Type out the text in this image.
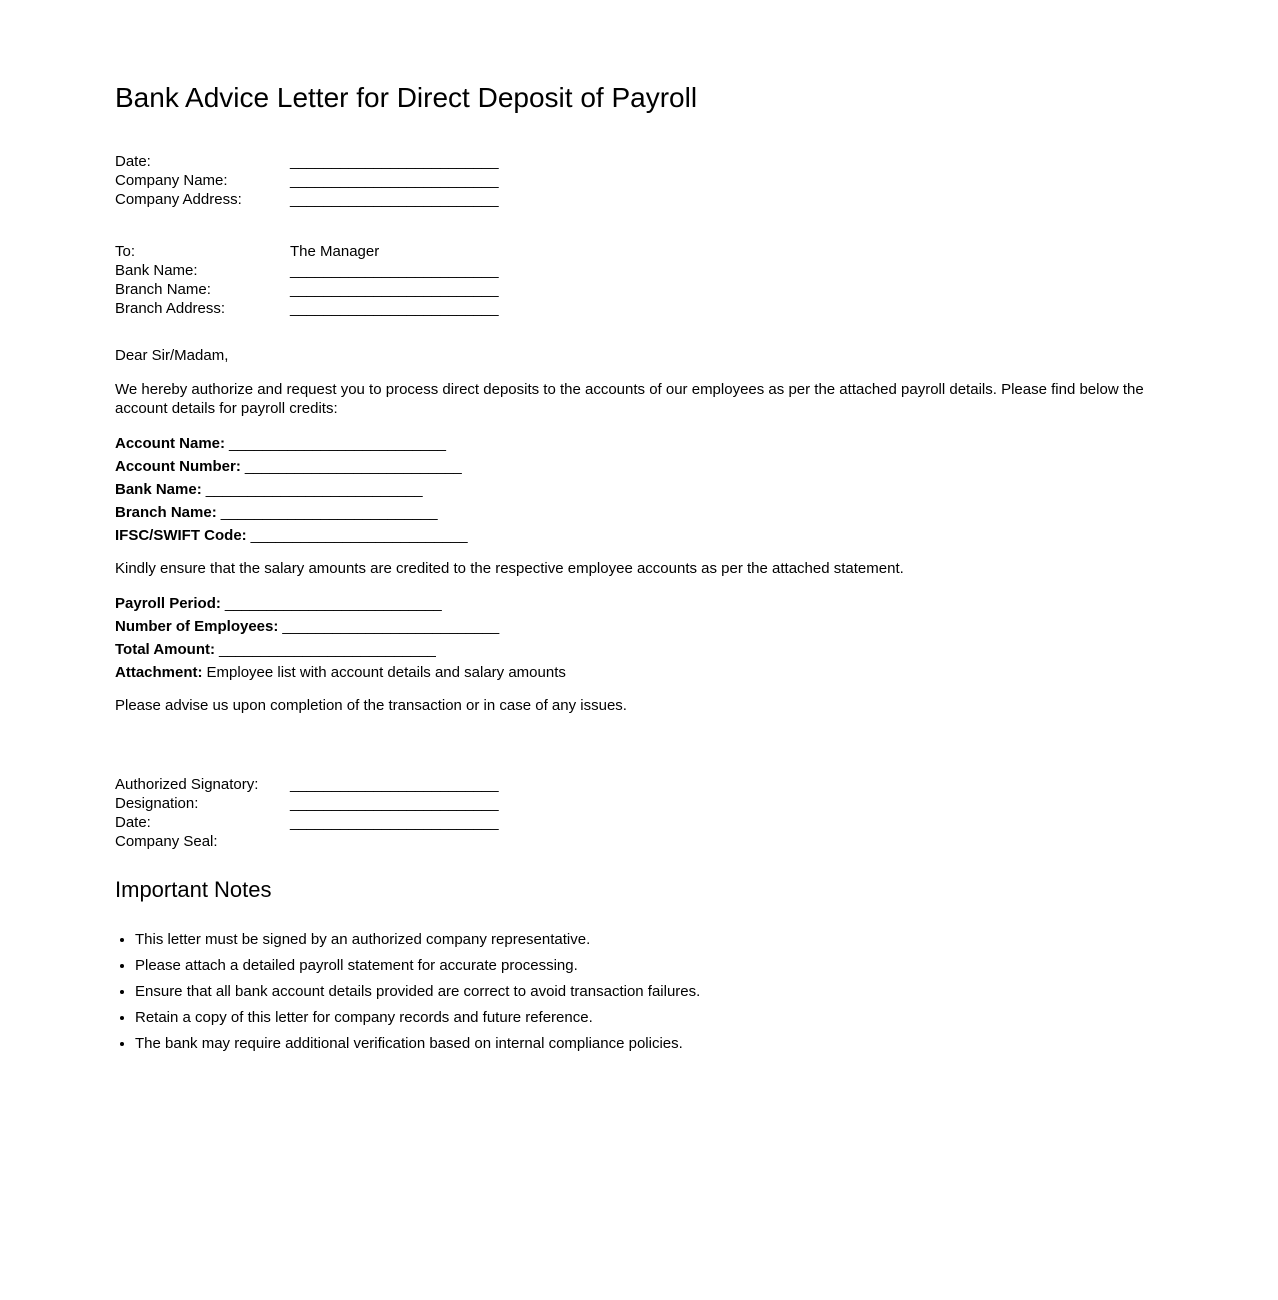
Bank Advice Letter for Direct Deposit of Payroll
Date:	_________________________
Company Name:	_________________________
Company Address:	_________________________
To:	The Manager
Bank Name:	_________________________
Branch Name:	_________________________
Branch Address:	_________________________

Dear Sir/Madam,

We hereby authorize and request you to process direct deposits to the accounts of our employees as per the attached payroll details. Please find below the account details for payroll credits:

Account Name: __________________________
Account Number: __________________________
Bank Name: __________________________
Branch Name: __________________________
IFSC/SWIFT Code: __________________________

Kindly ensure that the salary amounts are credited to the respective employee accounts as per the attached statement.

Payroll Period: __________________________
Number of Employees: __________________________
Total Amount: __________________________
Attachment: Employee list with account details and salary amounts

Please advise us upon completion of the transaction or in case of any issues.

Authorized Signatory: _________________________
Designation:	_________________________
Date:	_________________________
Company Seal:
Important Notes
• This letter must be signed by an authorized company representative.
• Please attach a detailed payroll statement for accurate processing.
• Ensure that all bank account details provided are correct to avoid transaction failures.
• Retain a copy of this letter for company records and future reference.
• The bank may require additional verification based on internal compliance policies.
